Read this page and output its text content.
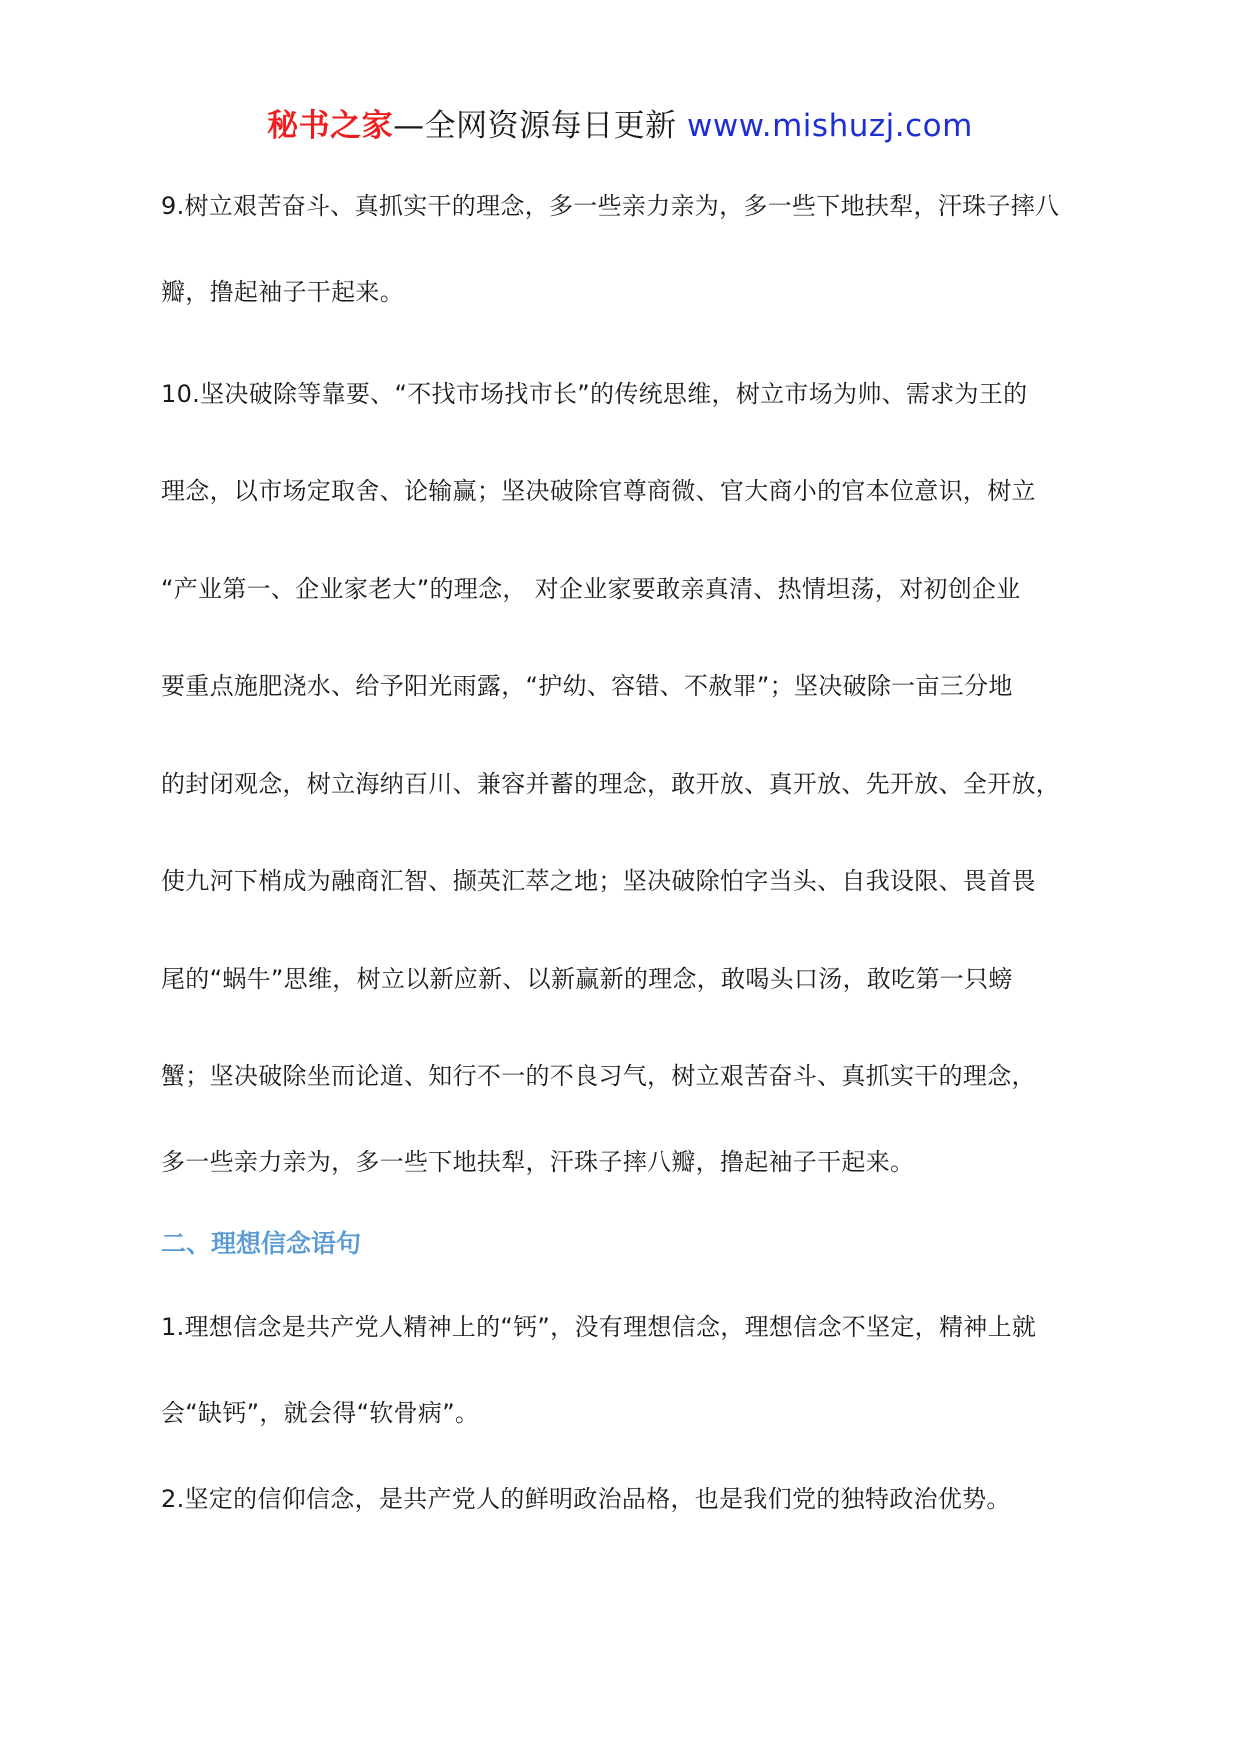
秘书之家—全网资源每日更新 www.mishuzj.com
9.树立艰苦奋斗、真抓实干的理念，多一些亲力亲为，多一些下地扶犁，汗珠子摔八
瓣，撸起袖子干起来。
10.坚决破除等靠要、“不找市场找市长”的传统思维，树立市场为帅、需求为王的
理念，以市场定取舍、论输赢；坚决破除官尊商微、官大商小的官本位意识，树立
“产业第一、企业家老大”的理念， 对企业家要敢亲真清、热情坦荡，对初创企业
要重点施肥浇水、给予阳光雨露，“护幼、容错、不赦罪”；坚决破除一亩三分地
的封闭观念，树立海纳百川、兼容并蓄的理念，敢开放、真开放、先开放、全开放，
使九河下梢成为融商汇智、撷英汇萃之地；坚决破除怕字当头、自我设限、畏首畏
尾的“蜗牛”思维，树立以新应新、以新赢新的理念，敢喝头口汤，敢吃第一只螃
蟹；坚决破除坐而论道、知行不一的不良习气，树立艰苦奋斗、真抓实干的理念，
多一些亲力亲为，多一些下地扶犁，汗珠子摔八瓣，撸起袖子干起来。
二、理想信念语句
1.理想信念是共产党人精神上的“钙”，没有理想信念，理想信念不坚定，精神上就
会“缺钙”，就会得“软骨病”。
2.坚定的信仰信念，是共产党人的鲜明政治品格，也是我们党的独特政治优势。
